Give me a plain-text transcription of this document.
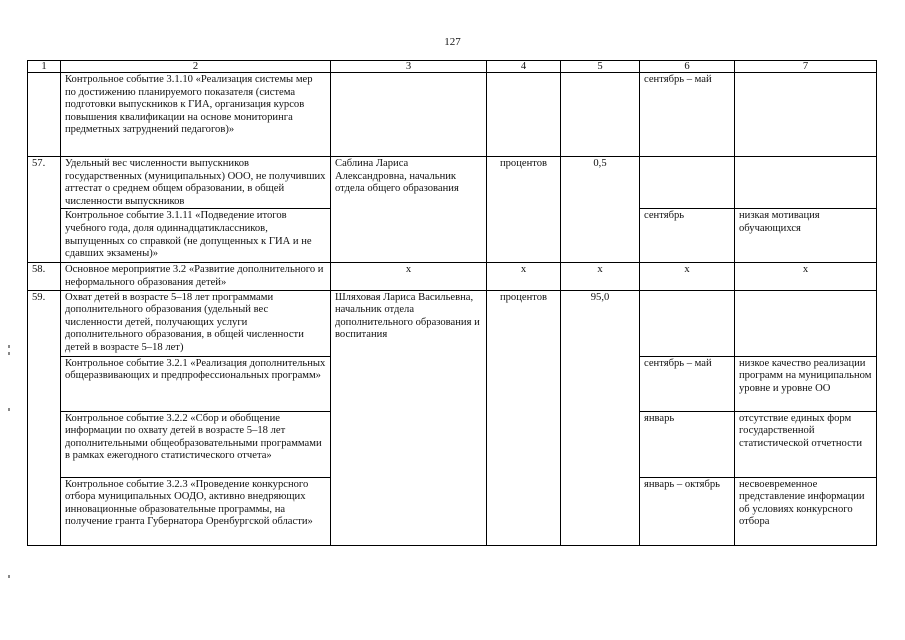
127
1	2	3	4	5	6	7
	Контрольное событие 3.1.10 «Реализация системы мер по достижению планируемого показателя (система подготовки выпускников к ГИА, организация курсов повышения квалификации на основе мониторинга предметных затруднений педагогов)»				сентябрь – май	
57.	Удельный вес численности выпускников государственных (муниципальных) ООО, не получивших аттестат о среднем общем образовании, в общей численности выпускников	Саблина Лариса Александровна, начальник отдела общего образования	процентов	0,5		
	Контрольное событие 3.1.11 «Подведение итогов учебного года, доля одиннадцатиклассников, выпущенных со справкой (не допущенных к ГИА и не сдавших экзамены)»				сентябрь	низкая мотивация обучающихся
58.	Основное мероприятие 3.2 «Развитие дополнительного и неформального образования детей»	х	х	х	х	х
59.	Охват детей в возрасте 5–18 лет программами дополнительного образования (удельный вес численности детей, получающих услуги дополнительного образования, в общей численности детей в возрасте 5–18 лет)	Шляховая Лариса Васильевна, начальник отдела дополнительного образования и воспитания	процентов	95,0		
	Контрольное событие 3.2.1 «Реализация дополнительных общеразвивающих и предпрофессиональных программ»				сентябрь – май	низкое качество реализации программ на муниципальном уровне и уровне ОО
	Контрольное событие 3.2.2 «Сбор и обобщение информации по охвату детей в возрасте 5–18 лет дополнительными общеобразовательными программами в рамках ежегодного статистического отчета»				январь	отсутствие единых форм государственной статистической отчетности
	Контрольное событие 3.2.3 «Проведение конкурсного отбора муниципальных ООДО, активно внедряющих инновационные образовательные программы, на получение гранта Губернатора Оренбургской области»				январь – октябрь	несвоевременное представление информации об условиях конкурсного отбора
